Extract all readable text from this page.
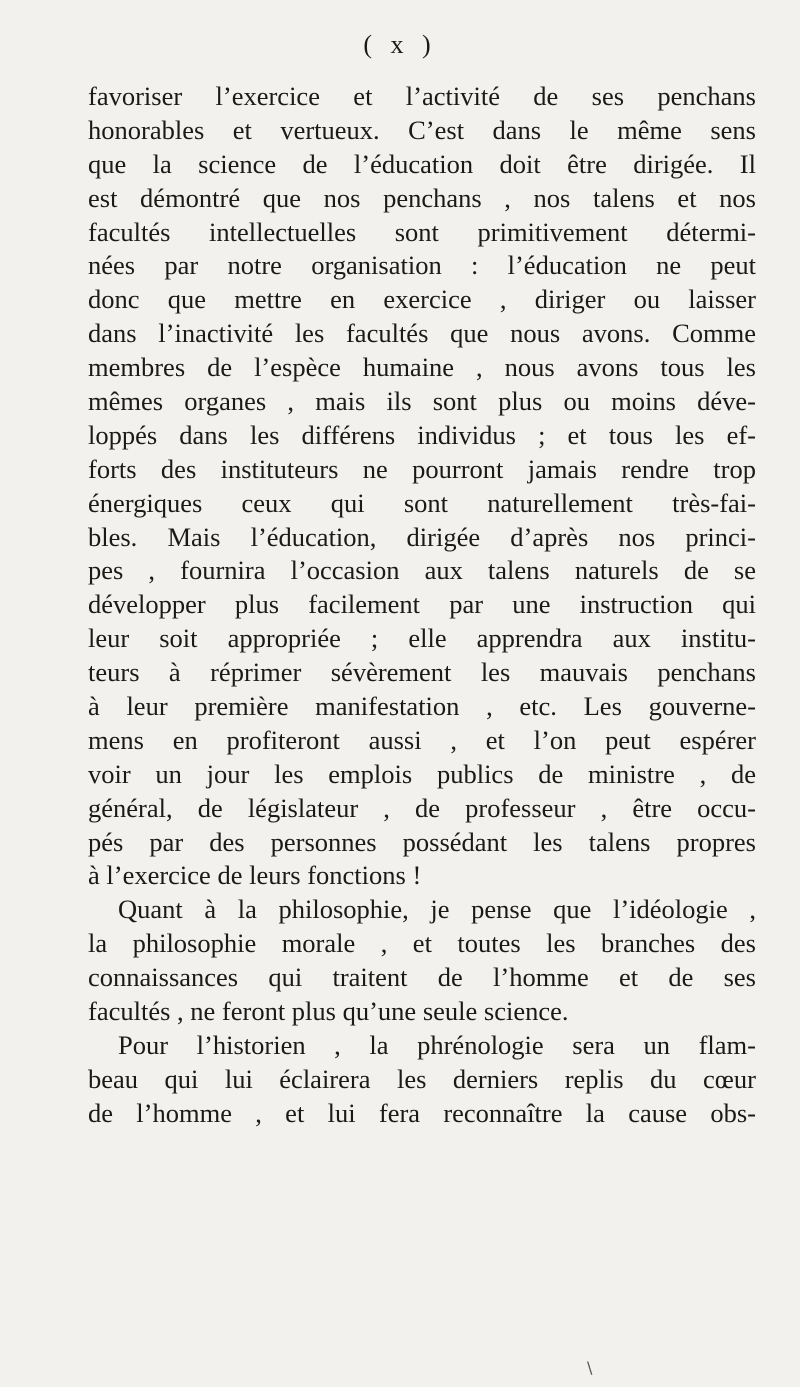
( x )
favoriser l’exercice et l’activité de ses penchans
honorables et vertueux. C’est dans le même sens
que la science de l’éducation doit être dirigée. Il
est démontré que nos penchans , nos talens et nos
facultés intellectuelles sont primitivement détermi-
nées par notre organisation : l’éducation ne peut
donc que mettre en exercice , diriger ou laisser
dans l’inactivité les facultés que nous avons. Comme
membres de l’espèce humaine , nous avons tous les
mêmes organes , mais ils sont plus ou moins déve-
loppés dans les différens individus ; et tous les ef-
forts des instituteurs ne pourront jamais rendre trop
énergiques ceux qui sont naturellement très-fai-
bles. Mais l’éducation, dirigée d’après nos princi-
pes , fournira l’occasion aux talens naturels de se
développer plus facilement par une instruction qui
leur soit appropriée ; elle apprendra aux institu-
teurs à réprimer sévèrement les mauvais penchans
à leur première manifestation , etc. Les gouverne-
mens en profiteront aussi , et l’on peut espérer
voir un jour les emplois publics de ministre , de
général, de législateur , de professeur , être occu-
pés par des personnes possédant les talens propres
à l’exercice de leurs fonctions !
Quant à la philosophie, je pense que l’idéologie ,
la philosophie morale , et toutes les branches des
connaissances qui traitent de l’homme et de ses
facultés , ne feront plus qu’une seule science.
Pour l’historien , la phrénologie sera un flam-
beau qui lui éclairera les derniers replis du cœur
de l’homme , et lui fera reconnaître la cause obs-
\
